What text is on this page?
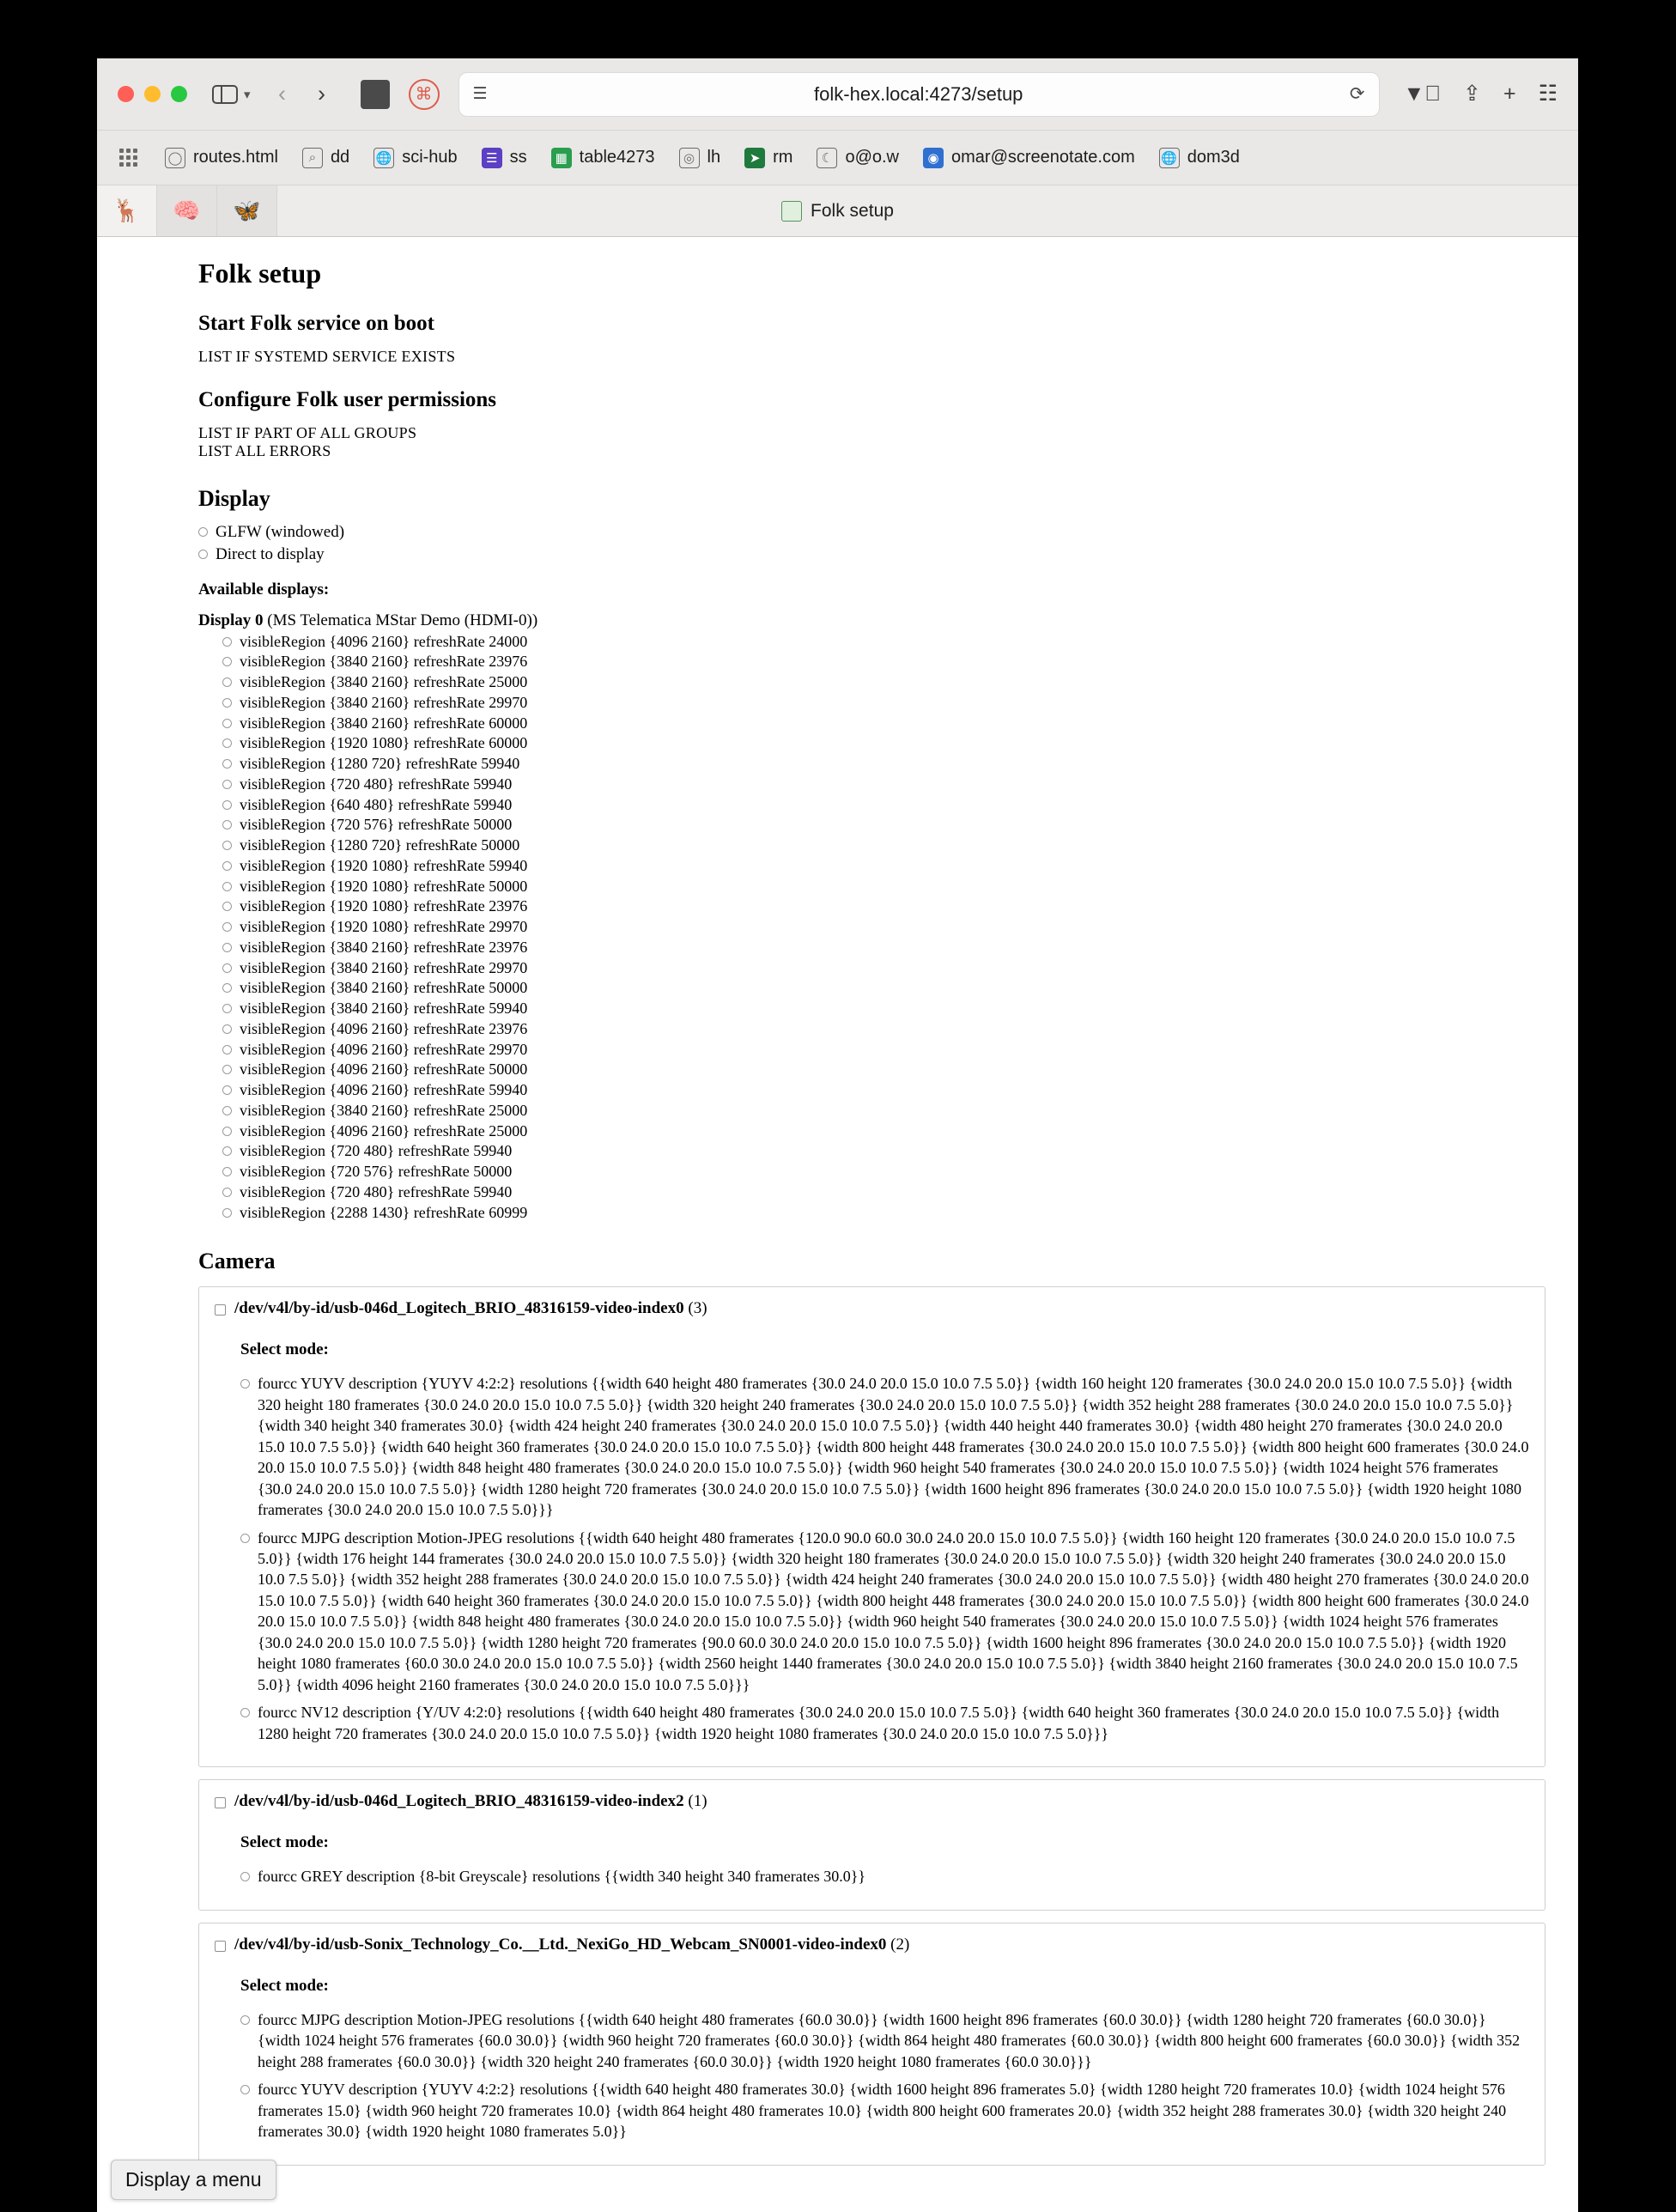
▾	‹	›	⌘	☰	folk-hex.local:4273/setup	⟳ ▼⃝ ⇪ + ☷
◯ routes.html	⌕ dd 🌐 sci-hub	☰ ss	▦ table4273	◎ lh	➤ rm	☾ o@o.w	◉ omar@screenotate.com 🌐 dom3d
🦌	🧠	🦋	Folk setup
Folk setup
Start Folk service on boot
LIST IF SYSTEMD SERVICE EXISTS
Configure Folk user permissions
LIST IF PART OF ALL GROUPS
LIST ALL ERRORS
Display
GLFW (windowed)
Direct to display
Available displays:
Display 0 (MS Telematica MStar Demo (HDMI-0))
visibleRegion {4096 2160} refreshRate 24000
visibleRegion {3840 2160} refreshRate 23976
visibleRegion {3840 2160} refreshRate 25000
visibleRegion {3840 2160} refreshRate 29970
visibleRegion {3840 2160} refreshRate 60000
visibleRegion {1920 1080} refreshRate 60000
visibleRegion {1280 720} refreshRate 59940
visibleRegion {720 480} refreshRate 59940
visibleRegion {640 480} refreshRate 59940
visibleRegion {720 576} refreshRate 50000
visibleRegion {1280 720} refreshRate 50000
visibleRegion {1920 1080} refreshRate 59940
visibleRegion {1920 1080} refreshRate 50000
visibleRegion {1920 1080} refreshRate 23976
visibleRegion {1920 1080} refreshRate 29970
visibleRegion {3840 2160} refreshRate 23976
visibleRegion {3840 2160} refreshRate 29970
visibleRegion {3840 2160} refreshRate 50000
visibleRegion {3840 2160} refreshRate 59940
visibleRegion {4096 2160} refreshRate 23976
visibleRegion {4096 2160} refreshRate 29970
visibleRegion {4096 2160} refreshRate 50000
visibleRegion {4096 2160} refreshRate 59940
visibleRegion {3840 2160} refreshRate 25000
visibleRegion {4096 2160} refreshRate 25000
visibleRegion {720 480} refreshRate 59940
visibleRegion {720 576} refreshRate 50000
visibleRegion {720 480} refreshRate 59940
visibleRegion {2288 1430} refreshRate 60999
Camera
/dev/v4l/by-id/usb-046d_Logitech_BRIO_48316159-video-index0 (3)
Select mode:
fourcc YUYV description {YUYV 4:2:2} resolutions {{width 640 height 480 framerates {30.0 24.0 20.0 15.0 10.0 7.5 5.0}} {width 160 height 120 framerates {30.0 24.0 20.0 15.0 10.0 7.5 5.0}} {width 320 height 180 framerates {30.0 24.0 20.0 15.0 10.0 7.5 5.0}} {width 320 height 240 framerates {30.0 24.0 20.0 15.0 10.0 7.5 5.0}} {width 352 height 288 framerates {30.0 24.0 20.0 15.0 10.0 7.5 5.0}} {width 340 height 340 framerates 30.0} {width 424 height 240 framerates {30.0 24.0 20.0 15.0 10.0 7.5 5.0}} {width 440 height 440 framerates 30.0} {width 480 height 270 framerates {30.0 24.0 20.0 15.0 10.0 7.5 5.0}} {width 640 height 360 framerates {30.0 24.0 20.0 15.0 10.0 7.5 5.0}} {width 800 height 448 framerates {30.0 24.0 20.0 15.0 10.0 7.5 5.0}} {width 800 height 600 framerates {30.0 24.0 20.0 15.0 10.0 7.5 5.0}} {width 848 height 480 framerates {30.0 24.0 20.0 15.0 10.0 7.5 5.0}} {width 960 height 540 framerates {30.0 24.0 20.0 15.0 10.0 7.5 5.0}} {width 1024 height 576 framerates {30.0 24.0 20.0 15.0 10.0 7.5 5.0}} {width 1280 height 720 framerates {30.0 24.0 20.0 15.0 10.0 7.5 5.0}} {width 1600 height 896 framerates {30.0 24.0 20.0 15.0 10.0 7.5 5.0}} {width 1920 height 1080 framerates {30.0 24.0 20.0 15.0 10.0 7.5 5.0}}}
fourcc MJPG description Motion-JPEG resolutions {{width 640 height 480 framerates {120.0 90.0 60.0 30.0 24.0 20.0 15.0 10.0 7.5 5.0}} {width 160 height 120 framerates {30.0 24.0 20.0 15.0 10.0 7.5 5.0}} {width 176 height 144 framerates {30.0 24.0 20.0 15.0 10.0 7.5 5.0}} {width 320 height 180 framerates {30.0 24.0 20.0 15.0 10.0 7.5 5.0}} {width 320 height 240 framerates {30.0 24.0 20.0 15.0 10.0 7.5 5.0}} {width 352 height 288 framerates {30.0 24.0 20.0 15.0 10.0 7.5 5.0}} {width 424 height 240 framerates {30.0 24.0 20.0 15.0 10.0 7.5 5.0}} {width 480 height 270 framerates {30.0 24.0 20.0 15.0 10.0 7.5 5.0}} {width 640 height 360 framerates {30.0 24.0 20.0 15.0 10.0 7.5 5.0}} {width 800 height 448 framerates {30.0 24.0 20.0 15.0 10.0 7.5 5.0}} {width 800 height 600 framerates {30.0 24.0 20.0 15.0 10.0 7.5 5.0}} {width 848 height 480 framerates {30.0 24.0 20.0 15.0 10.0 7.5 5.0}} {width 960 height 540 framerates {30.0 24.0 20.0 15.0 10.0 7.5 5.0}} {width 1024 height 576 framerates {30.0 24.0 20.0 15.0 10.0 7.5 5.0}} {width 1280 height 720 framerates {90.0 60.0 30.0 24.0 20.0 15.0 10.0 7.5 5.0}} {width 1600 height 896 framerates {30.0 24.0 20.0 15.0 10.0 7.5 5.0}} {width 1920 height 1080 framerates {60.0 30.0 24.0 20.0 15.0 10.0 7.5 5.0}} {width 2560 height 1440 framerates {30.0 24.0 20.0 15.0 10.0 7.5 5.0}} {width 3840 height 2160 framerates {30.0 24.0 20.0 15.0 10.0 7.5 5.0}} {width 4096 height 2160 framerates {30.0 24.0 20.0 15.0 10.0 7.5 5.0}}}
fourcc NV12 description {Y/UV 4:2:0} resolutions {{width 640 height 480 framerates {30.0 24.0 20.0 15.0 10.0 7.5 5.0}} {width 640 height 360 framerates {30.0 24.0 20.0 15.0 10.0 7.5 5.0}} {width 1280 height 720 framerates {30.0 24.0 20.0 15.0 10.0 7.5 5.0}} {width 1920 height 1080 framerates {30.0 24.0 20.0 15.0 10.0 7.5 5.0}}}
/dev/v4l/by-id/usb-046d_Logitech_BRIO_48316159-video-index2 (1)
Select mode:
fourcc GREY description {8-bit Greyscale} resolutions {{width 340 height 340 framerates 30.0}}
/dev/v4l/by-id/usb-Sonix_Technology_Co.__Ltd._NexiGo_HD_Webcam_SN0001-video-index0 (2)
Select mode:
fourcc MJPG description Motion-JPEG resolutions {{width 640 height 480 framerates {60.0 30.0}} {width 1600 height 896 framerates {60.0 30.0}} {width 1280 height 720 framerates {60.0 30.0}} {width 1024 height 576 framerates {60.0 30.0}} {width 960 height 720 framerates {60.0 30.0}} {width 864 height 480 framerates {60.0 30.0}} {width 800 height 600 framerates {60.0 30.0}} {width 352 height 288 framerates {60.0 30.0}} {width 320 height 240 framerates {60.0 30.0}} {width 1920 height 1080 framerates {60.0 30.0}}}
fourcc YUYV description {YUYV 4:2:2} resolutions {{width 640 height 480 framerates 30.0} {width 1600 height 896 framerates 5.0} {width 1280 height 720 framerates 10.0} {width 1024 height 576 framerates 15.0} {width 960 height 720 framerates 10.0} {width 864 height 480 framerates 10.0} {width 800 height 600 framerates 20.0} {width 352 height 288 framerates 30.0} {width 320 height 240 framerates 30.0} {width 1920 height 1080 framerates 5.0}}
Display a menu
